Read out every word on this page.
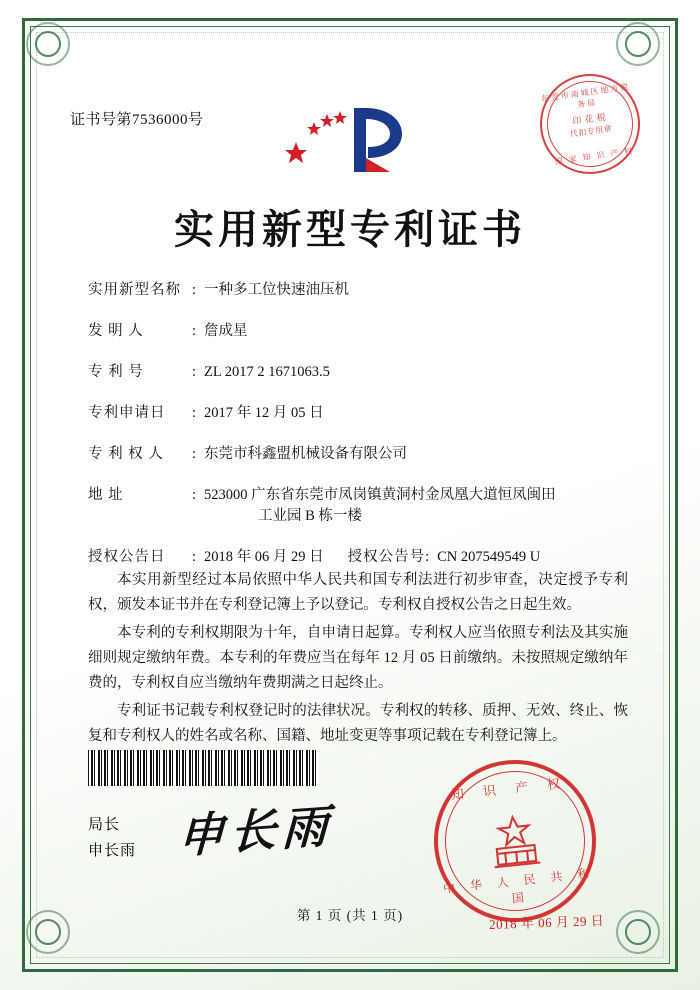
证书号第7536000号
东莞市南城区地方税务局
印 花 税
代扣专用章
国 家 知 识 产 权
实用新型专利证书
实用新型名称 : 一种多工位快速油压机
发 明 人	: 詹成星
专 利 号	: ZL 2017 2 1671063.5
专利申请日	: 2017 年 12 月 05 日
专 利 权 人	: 东莞市科鑫盟机械设备有限公司
地 址	: 523000 广东省东莞市凤岗镇黄洞村金凤凰大道恒凤闽田
工业园 B 栋一楼
授权公告日	: 2018 年 06 月 29 日 授权公告号 : CN 207549549 U

本实用新型经过本局依照中华人民共和国专利法进行初步审查，决定授予专利权，颁发本证书并在专利登记簿上予以登记。专利权自授权公告之日起生效。

本专利的专利权期限为十年，自申请日起算。专利权人应当依照专利法及其实施细则规定缴纳年费。本专利的年费应当在每年 12 月 05 日前缴纳。未按照规定缴纳年费的，专利权自应当缴纳年费期满之日起终止。

专利证书记载专利权登记时的法律状况。专利权的转移、质押、无效、终止、恢复和专利权人的姓名或名称、国籍、地址变更等事项记载在专利登记簿上。

局长
申长雨 申长雨
知 识 产 权
中 华 人 民 共 和 国
2018 年 06 月 29 日
第 1 页 (共 1 页)
